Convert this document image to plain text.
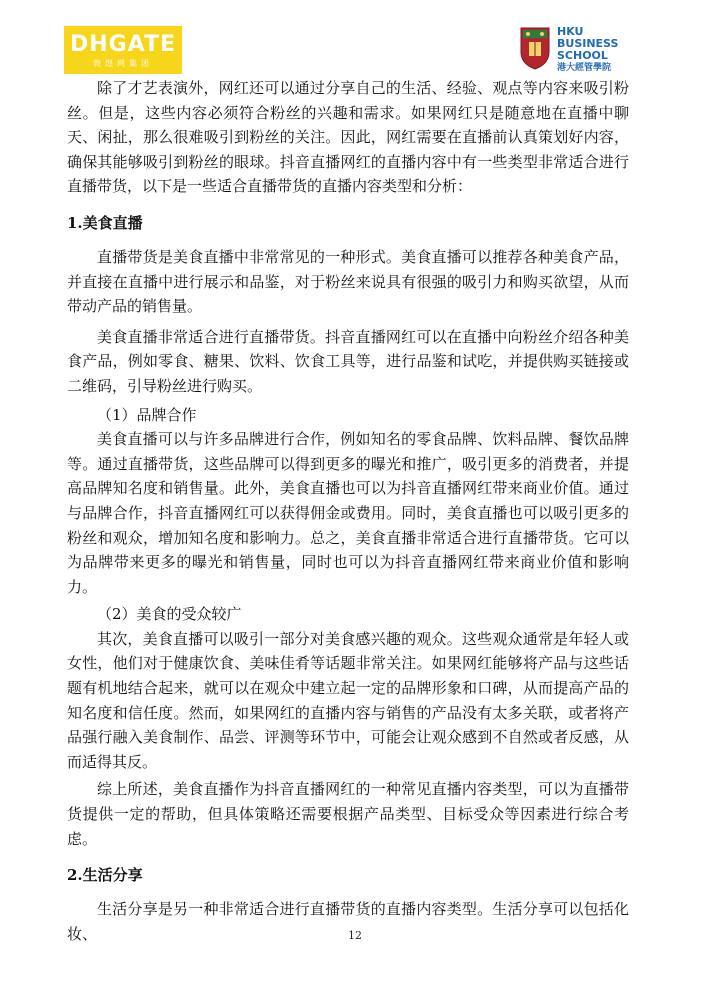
DHGATE
敦煌网集团
HKU
BUSINESS
SCHOOL
港大經管學院

除了才艺表演外，网红还可以通过分享自己的生活、经验、观点等内容来吸引粉丝。但是，这些内容必须符合粉丝的兴趣和需求。如果网红只是随意地在直播中聊天、闲扯，那么很难吸引到粉丝的关注。因此，网红需要在直播前认真策划好内容，确保其能够吸引到粉丝的眼球。抖音直播网红的直播内容中有一些类型非常适合进行直播带货，以下是一些适合直播带货的直播内容类型和分析：

1.美食直播

直播带货是美食直播中非常常见的一种形式。美食直播可以推荐各种美食产品，并直接在直播中进行展示和品鉴，对于粉丝来说具有很强的吸引力和购买欲望，从而带动产品的销售量。

美食直播非常适合进行直播带货。抖音直播网红可以在直播中向粉丝介绍各种美食产品，例如零食、糖果、饮料、饮食工具等，进行品鉴和试吃，并提供购买链接或二维码，引导粉丝进行购买。

（1）品牌合作

美食直播可以与许多品牌进行合作，例如知名的零食品牌、饮料品牌、餐饮品牌等。通过直播带货，这些品牌可以得到更多的曝光和推广，吸引更多的消费者，并提高品牌知名度和销售量。此外，美食直播也可以为抖音直播网红带来商业价值。通过与品牌合作，抖音直播网红可以获得佣金或费用。同时，美食直播也可以吸引更多的粉丝和观众，增加知名度和影响力。总之，美食直播非常适合进行直播带货。它可以为品牌带来更多的曝光和销售量，同时也可以为抖音直播网红带来商业价值和影响力。

（2）美食的受众较广

其次，美食直播可以吸引一部分对美食感兴趣的观众。这些观众通常是年轻人或女性，他们对于健康饮食、美味佳肴等话题非常关注。如果网红能够将产品与这些话题有机地结合起来，就可以在观众中建立起一定的品牌形象和口碑，从而提高产品的知名度和信任度。然而，如果网红的直播内容与销售的产品没有太多关联，或者将产品强行融入美食制作、品尝、评测等环节中，可能会让观众感到不自然或者反感，从而适得其反。

综上所述，美食直播作为抖音直播网红的一种常见直播内容类型，可以为直播带货提供一定的帮助，但具体策略还需要根据产品类型、目标受众等因素进行综合考虑。

2.生活分享

生活分享是另一种非常适合进行直播带货的直播内容类型。生活分享可以包括化妆、	12
